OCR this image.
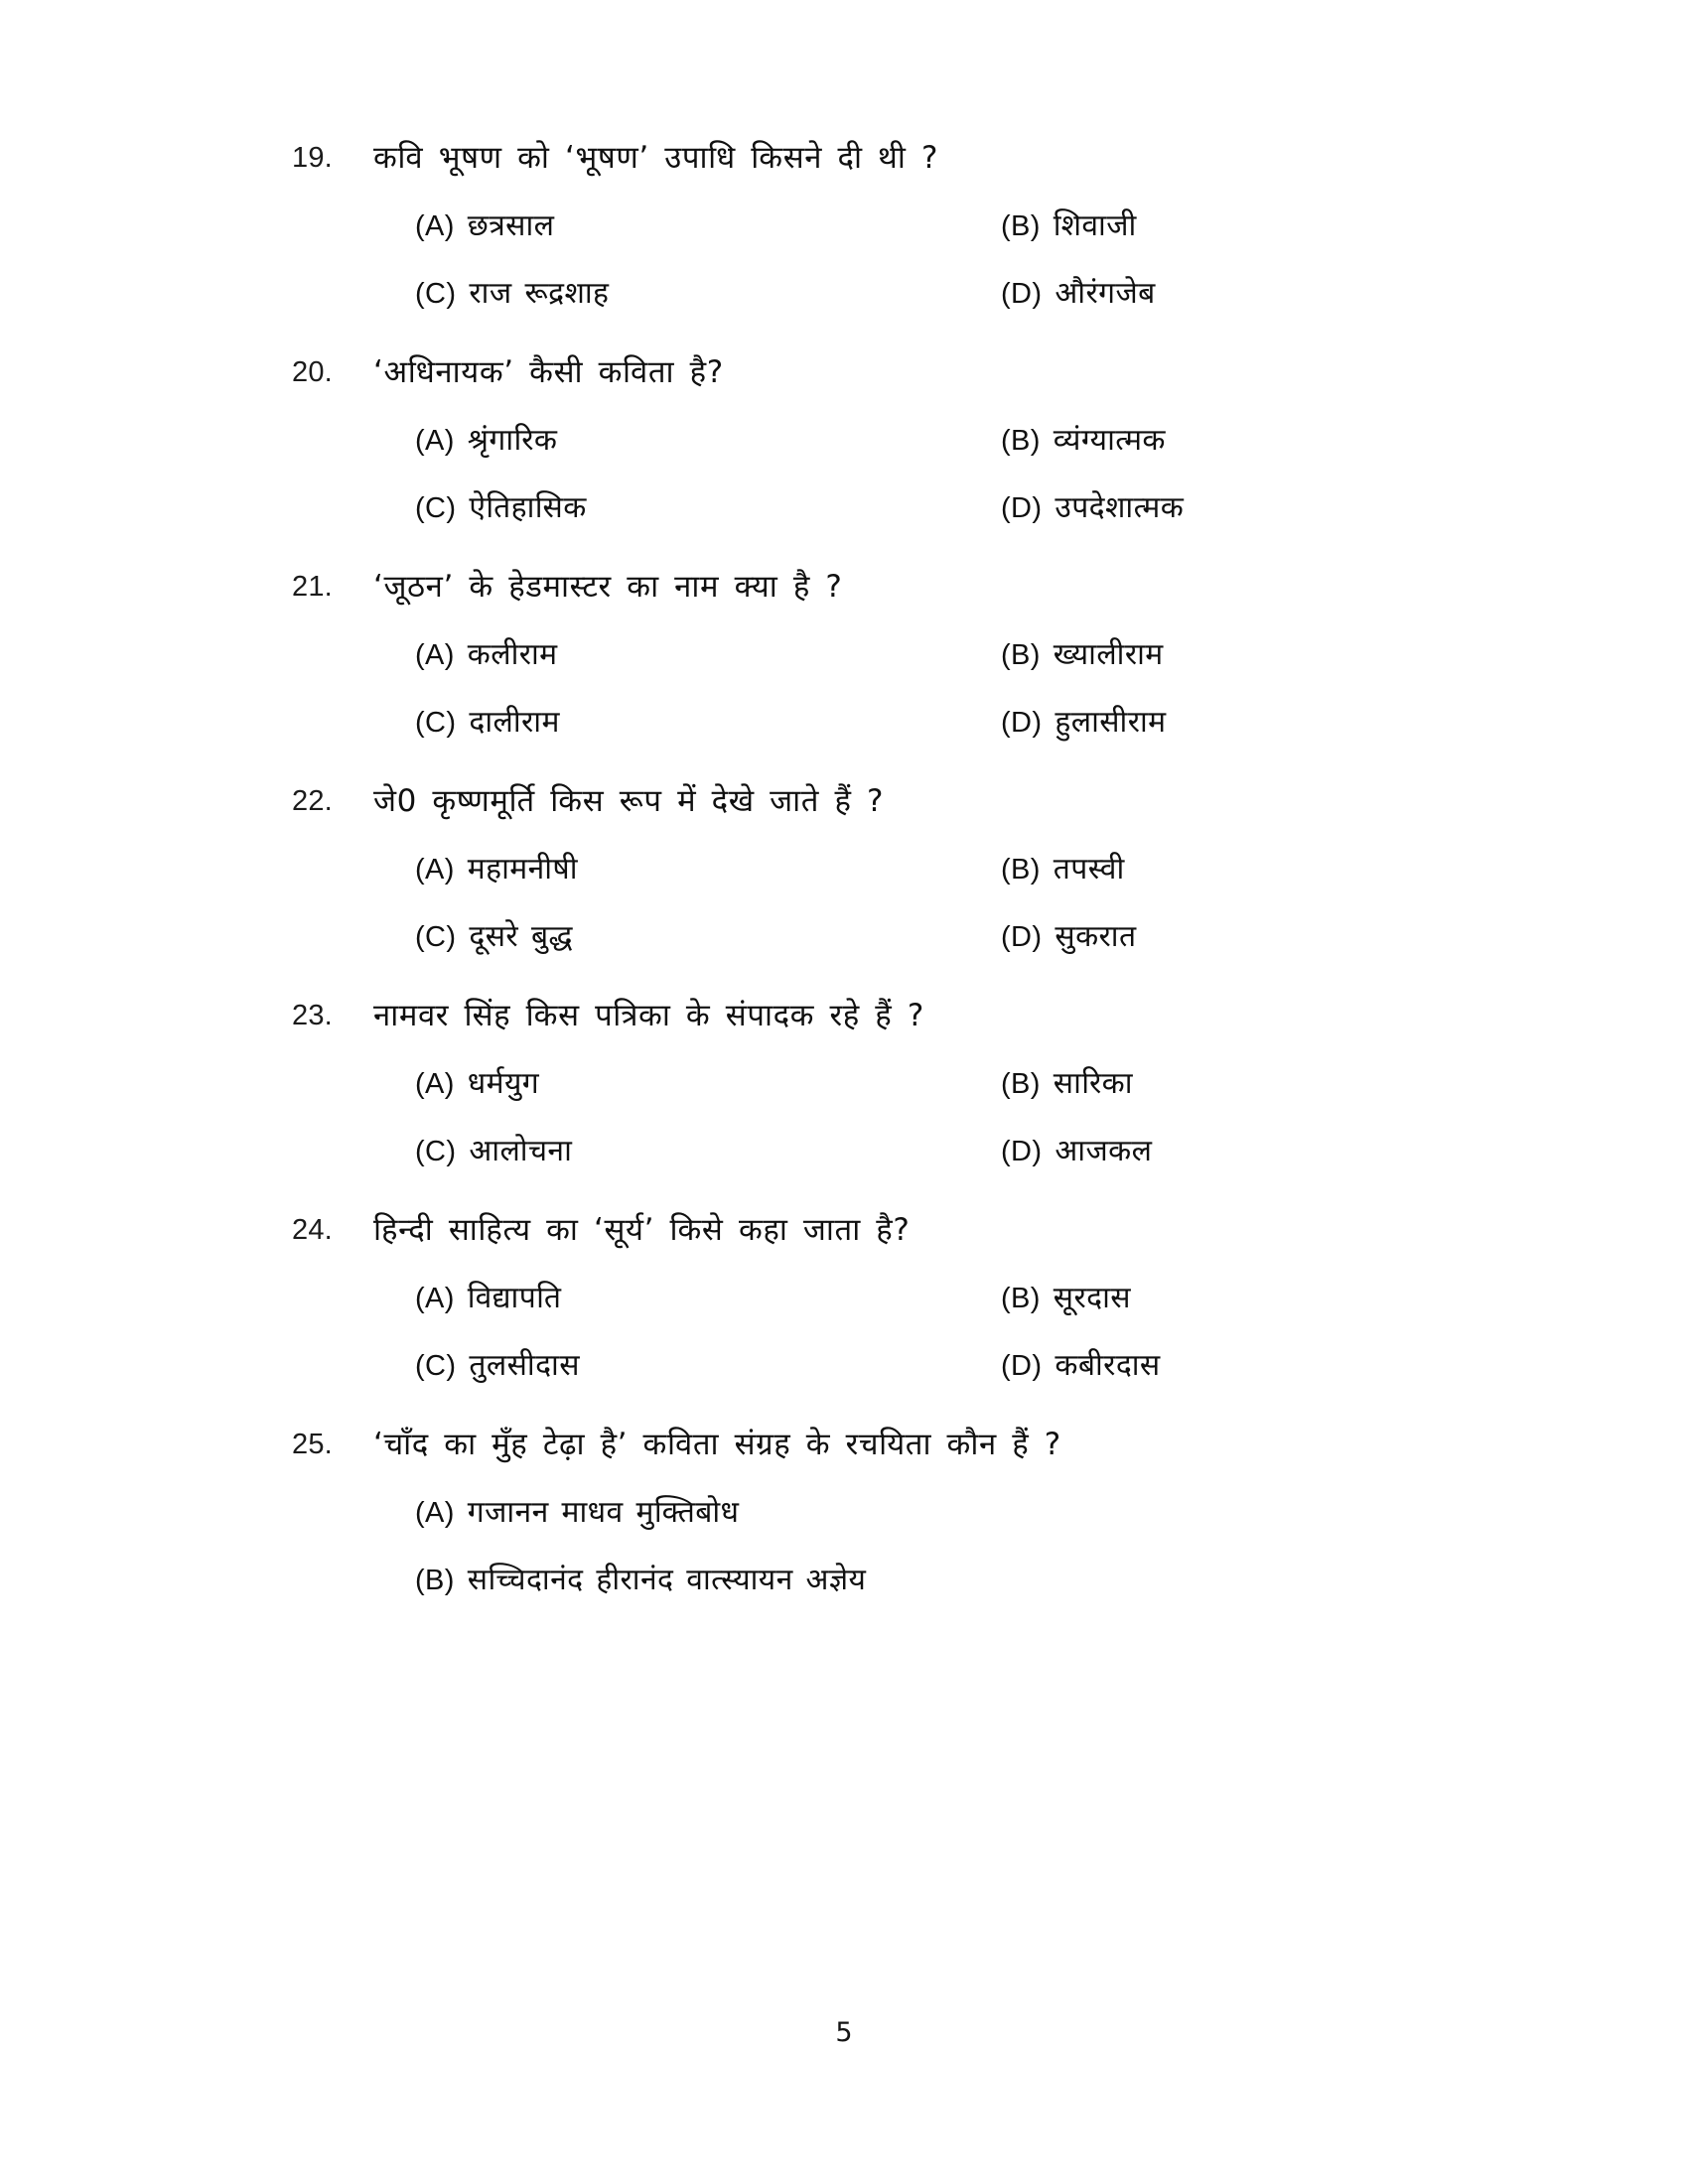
19.	कवि भूषण को ‘भूषण’ उपाधि किसने दी थी ?
(A) छत्रसाल	(B) शिवाजी
(C) राज रूद्रशाह	(D) औरंगजेब
20.	‘अधिनायक’ कैसी कविता है?
(A) श्रृंगारिक	(B) व्यंग्यात्मक
(C) ऐतिहासिक	(D) उपदेशात्मक
21.	‘जूठन’ के हेडमास्टर का नाम क्या है ?
(A) कलीराम	(B) ख्यालीराम
(C) दालीराम	(D) हुलासीराम
22.	जे0 कृष्णमूर्ति किस रूप में देखे जाते हैं ?
(A) महामनीषी	(B) तपस्वी
(C) दूसरे बुद्ध	(D) सुकरात
23.	नामवर सिंह किस पत्रिका के संपादक रहे हैं ?
(A) धर्मयुग	(B) सारिका
(C) आलोचना	(D) आजकल
24.	हिन्दी साहित्य का ‘सूर्य’ किसे कहा जाता है?
(A) विद्यापति	(B) सूरदास
(C) तुलसीदास	(D) कबीरदास
25.	‘चाँद का मुँह टेढ़ा है’ कविता संग्रह के रचयिता कौन हैं ?
(A) गजानन माधव मुक्तिबोध
(B) सच्चिदानंद हीरानंद वात्स्यायन अज्ञेय
5
